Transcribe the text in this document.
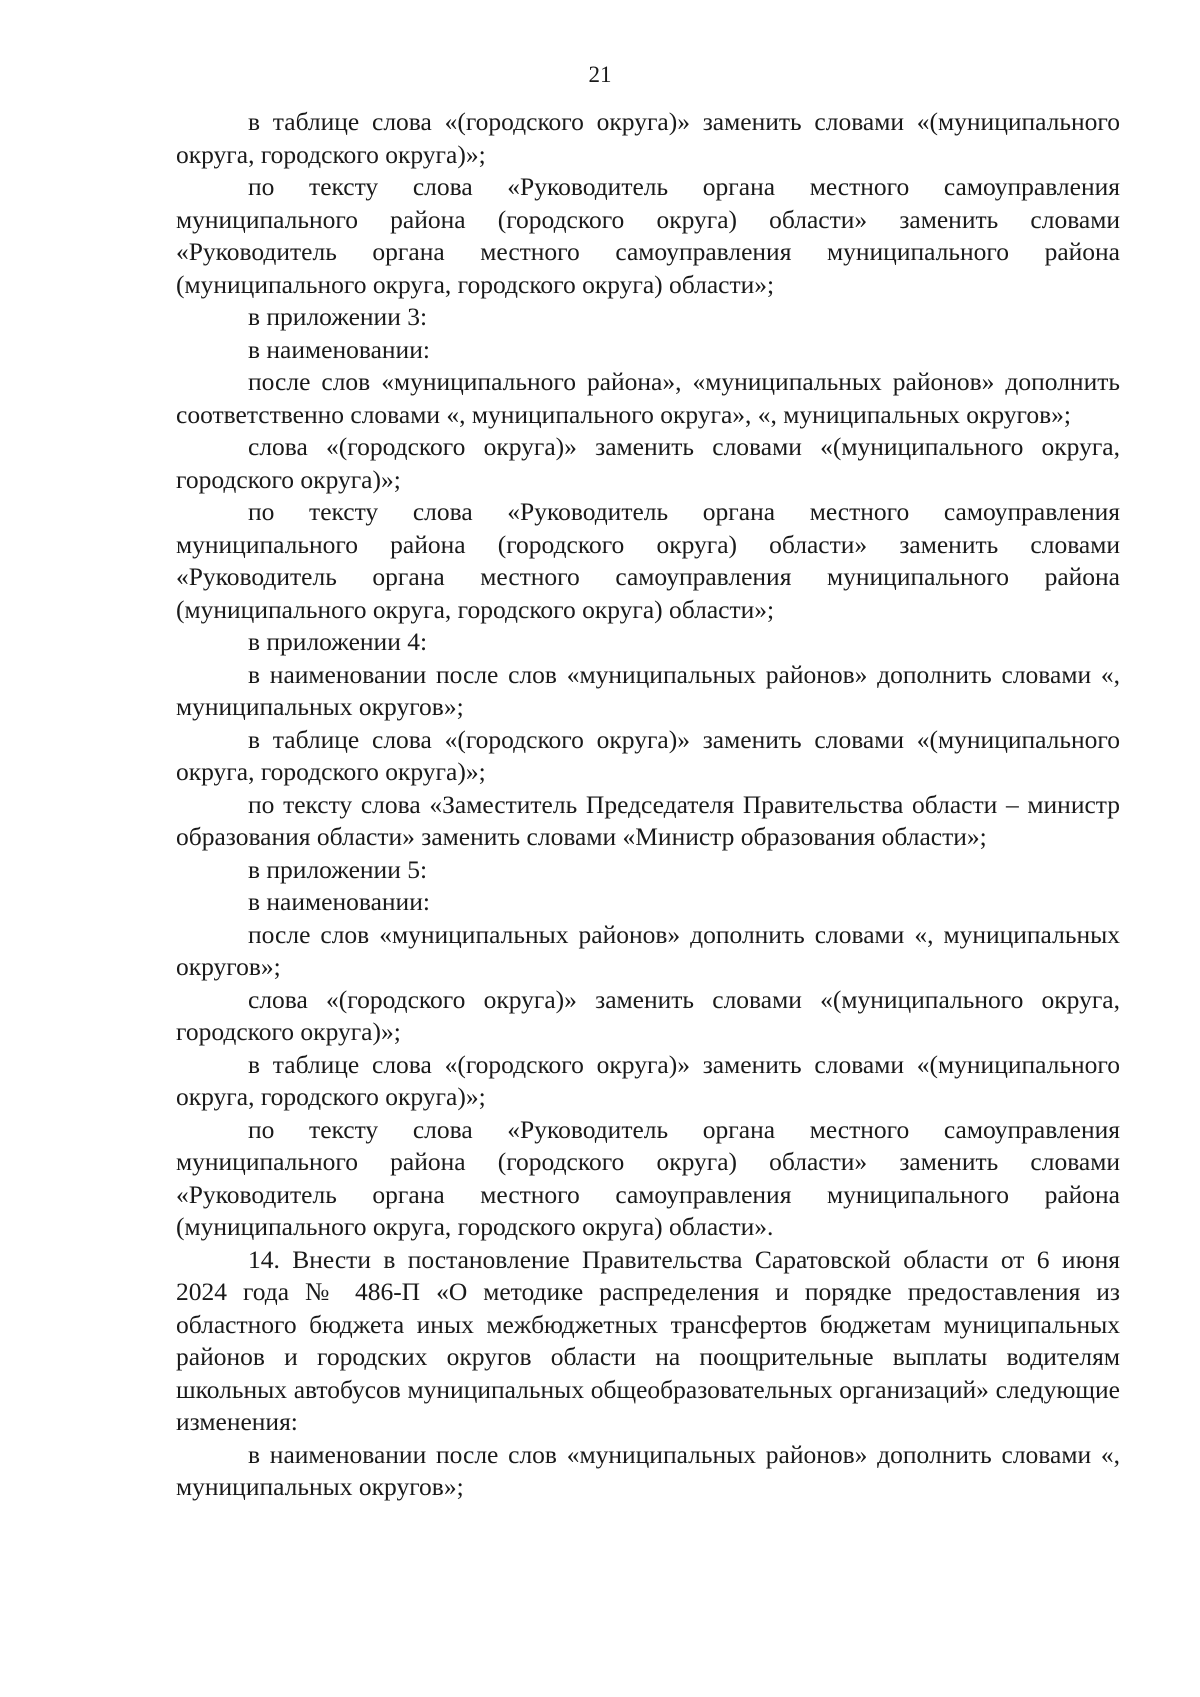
21

в таблице слова «(городского округа)» заменить словами «(муниципального округа, городского округа)»;

по тексту слова «Руководитель органа местного самоуправления муниципального района (городского округа) области» заменить словами «Руководитель органа местного самоуправления муниципального района (муниципального округа, городского округа) области»;

в приложении 3:

в наименовании:

после слов «муниципального района», «муниципальных районов» дополнить соответственно словами «, муниципального округа», «, муниципальных округов»;

слова «(городского округа)» заменить словами «(муниципального округа, городского округа)»;

по тексту слова «Руководитель органа местного самоуправления муниципального района (городского округа) области» заменить словами «Руководитель органа местного самоуправления муниципального района (муниципального округа, городского округа) области»;

в приложении 4:

в наименовании после слов «муниципальных районов» дополнить словами «, муниципальных округов»;

в таблице слова «(городского округа)» заменить словами «(муниципального округа, городского округа)»;

по тексту слова «Заместитель Председателя Правительства области – министр образования области» заменить словами «Министр образования области»;

в приложении 5:

в наименовании:

после слов «муниципальных районов» дополнить словами «, муниципальных округов»;

слова «(городского округа)» заменить словами «(муниципального округа, городского округа)»;

в таблице слова «(городского округа)» заменить словами «(муниципального округа, городского округа)»;

по тексту слова «Руководитель органа местного самоуправления муниципального района (городского округа) области» заменить словами «Руководитель органа местного самоуправления муниципального района (муниципального округа, городского округа) области».

14. Внести в постановление Правительства Саратовской области от 6 июня 2024 года № 486-П «О методике распределения и порядке предоставления из областного бюджета иных межбюджетных трансфертов бюджетам муниципальных районов и городских округов области на поощрительные выплаты водителям школьных автобусов муниципальных общеобразовательных организаций» следующие изменения:

в наименовании после слов «муниципальных районов» дополнить словами «, муниципальных округов»;
